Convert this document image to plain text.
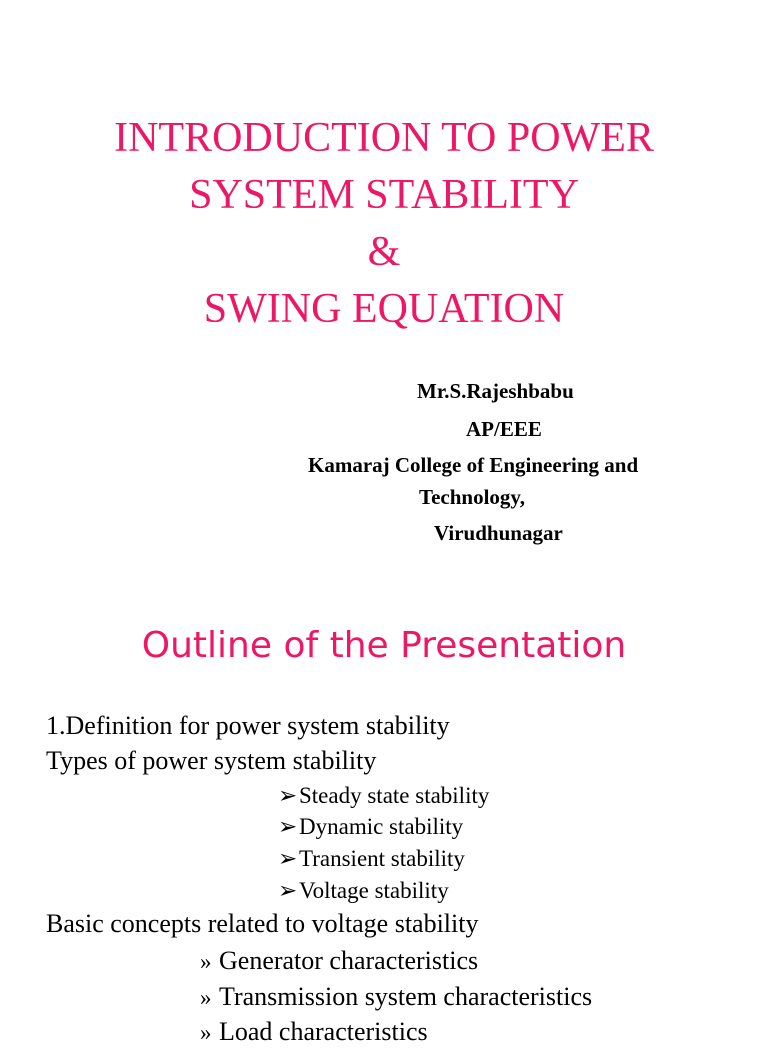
INTRODUCTION TO POWER
SYSTEM STABILITY
&
SWING EQUATION
Mr.S.Rajeshbabu
AP/EEE
Kamaraj College of Engineering and
Technology,
Virudhunagar
Outline of the Presentation
1.Definition for power system stability
Types of power system stability
➢Steady state stability
➢Dynamic stability
➢Transient stability
➢Voltage stability
Basic concepts related to voltage stability
» Generator characteristics
» Transmission system characteristics
» Load characteristics
